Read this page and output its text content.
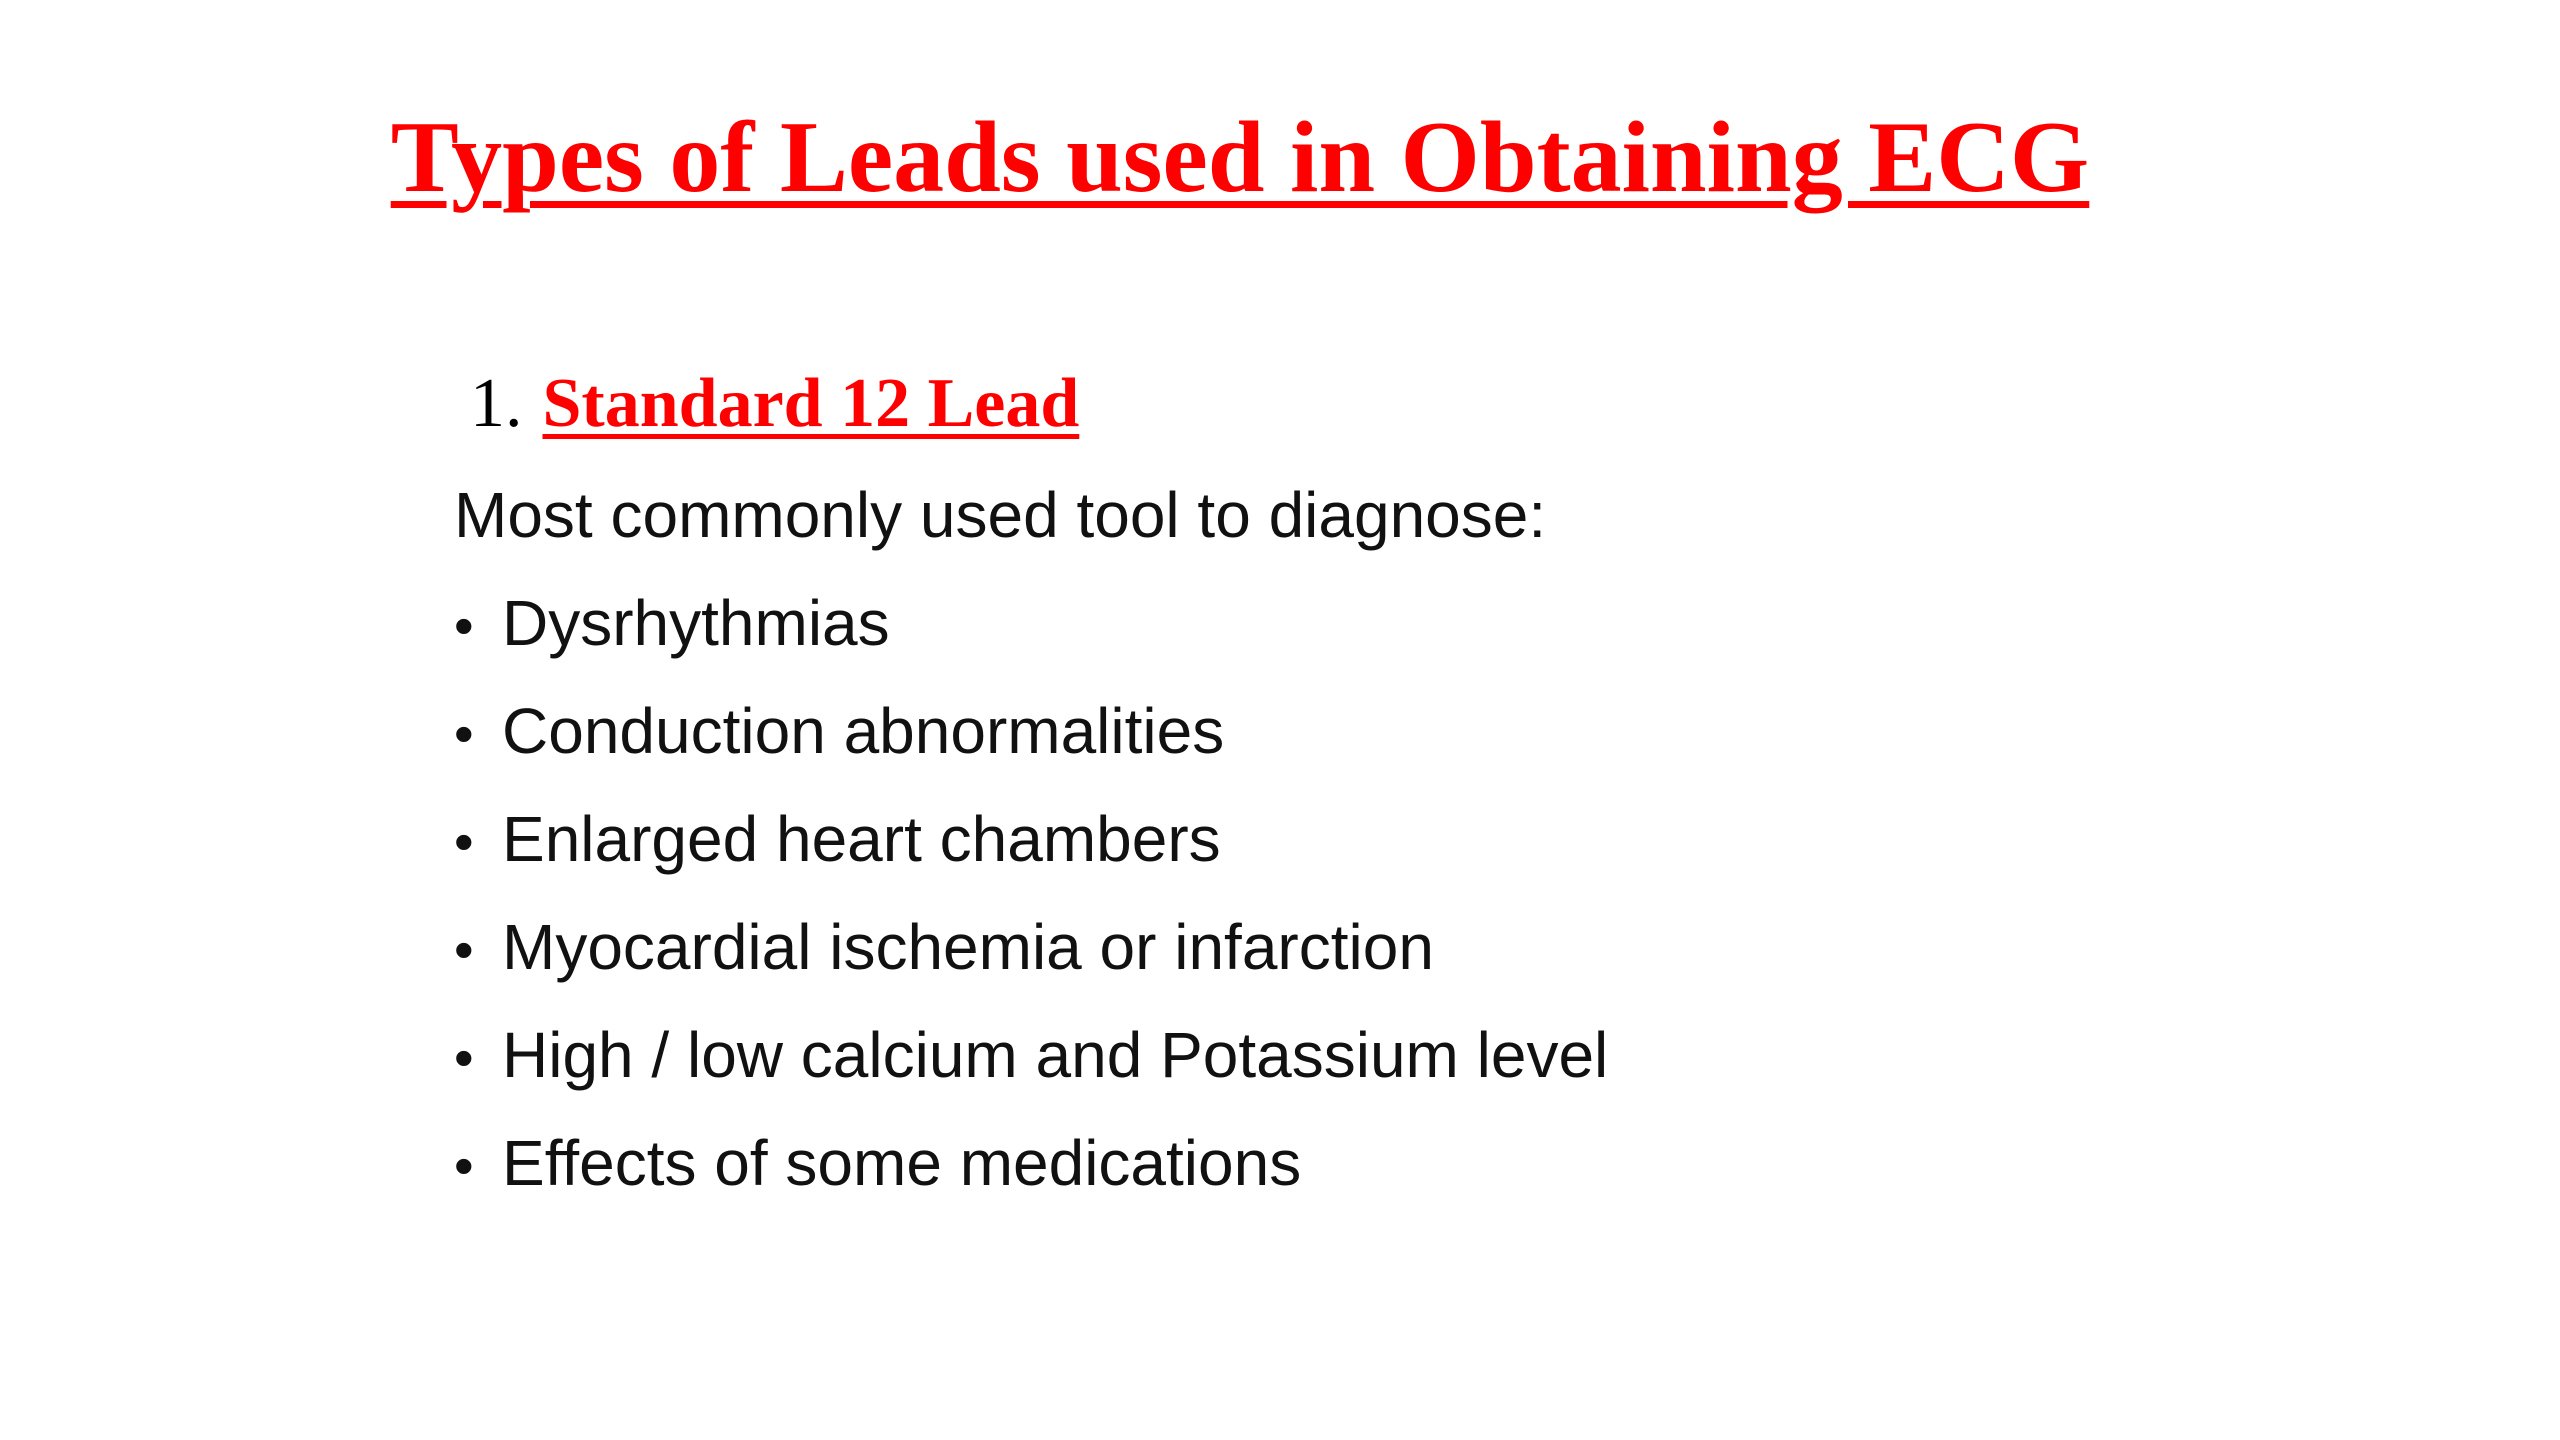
Types of Leads used in Obtaining ECG
1. Standard 12 Lead

Most commonly used tool to diagnose:

• Dysrhythmias
• Conduction abnormalities
• Enlarged heart chambers
• Myocardial ischemia or infarction
• High / low calcium and Potassium level
• Effects of some medications
